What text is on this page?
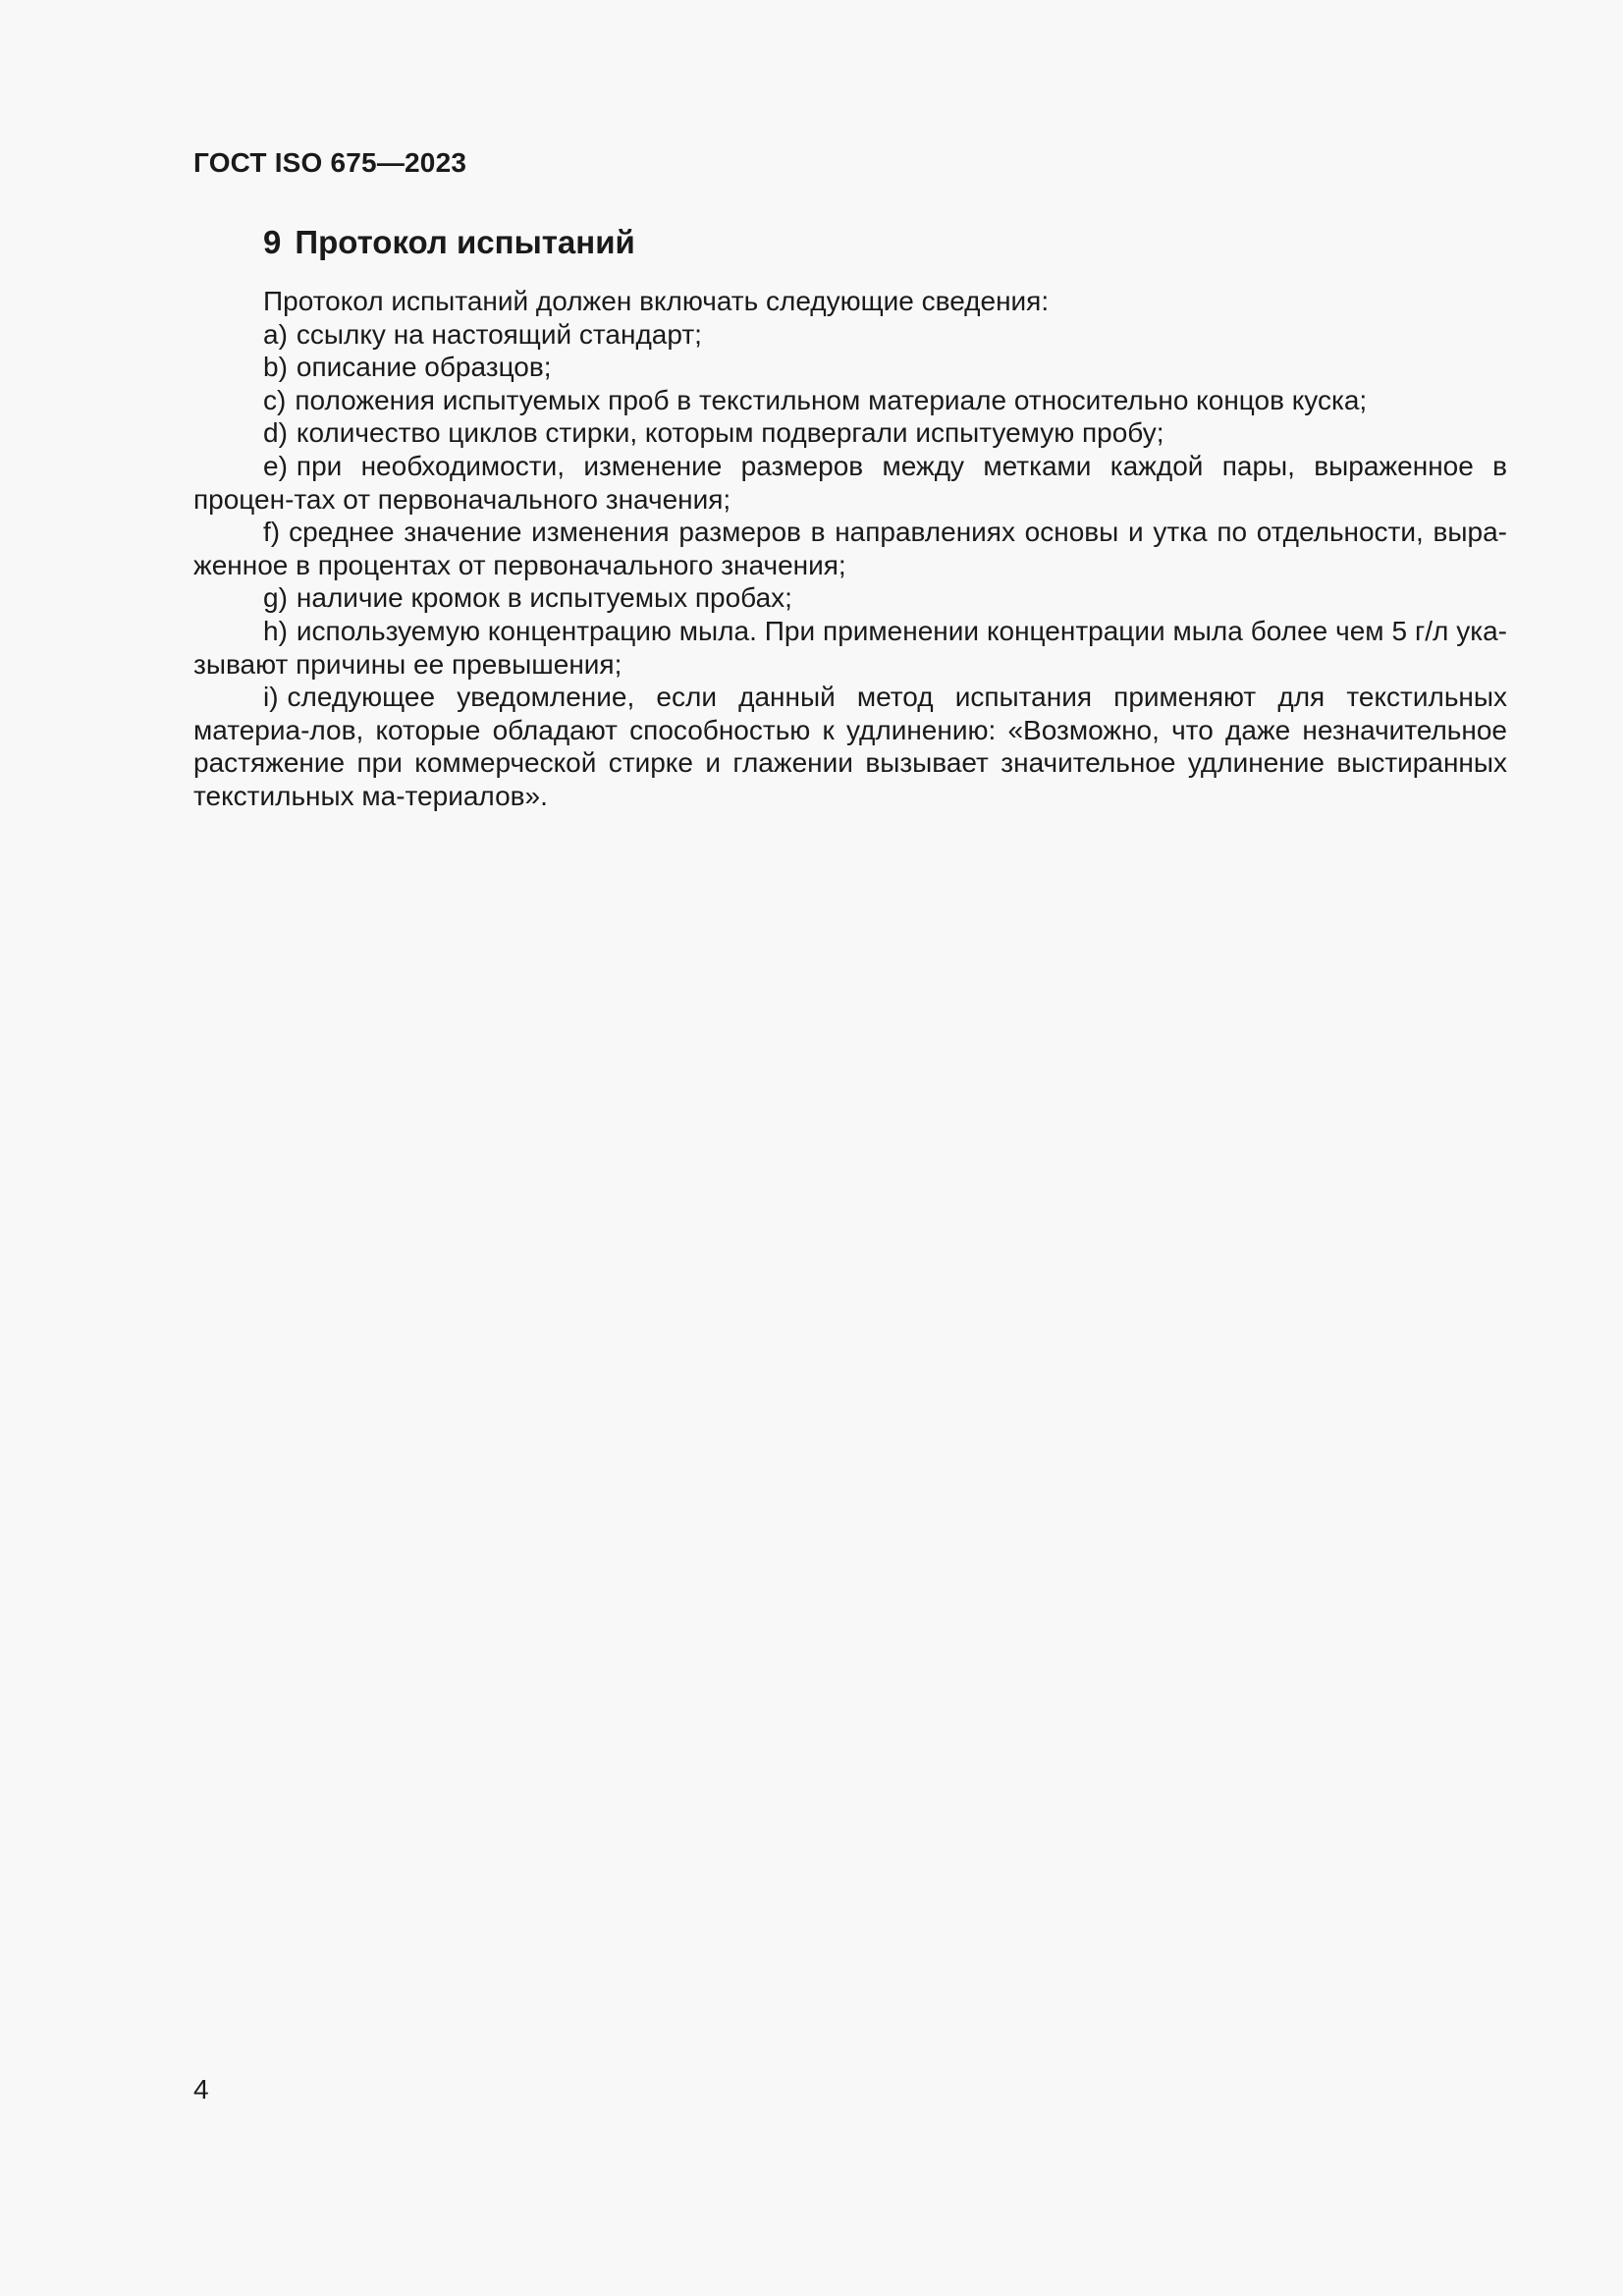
ГОСТ ISO 675—2023
9 Протокол испытаний

Протокол испытаний должен включать следующие сведения:

a) ссылку на настоящий стандарт;

b) описание образцов;

c) положения испытуемых проб в текстильном материале относительно концов куска;

d) количество циклов стирки, которым подвергали испытуемую пробу;

e) при необходимости, изменение размеров между метками каждой пары, выраженное в процен-тах от первоначального значения;

f) среднее значение изменения размеров в направлениях основы и утка по отдельности, выра-женное в процентах от первоначального значения;

g) наличие кромок в испытуемых пробах;

h) используемую концентрацию мыла. При применении концентрации мыла более чем 5 г/л ука-зывают причины ее превышения;

i) следующее уведомление, если данный метод испытания применяют для текстильных материа-лов, которые обладают способностью к удлинению: «Возможно, что даже незначительное растяжение при коммерческой стирке и глажении вызывает значительное удлинение выстиранных текстильных ма-териалов».

4
